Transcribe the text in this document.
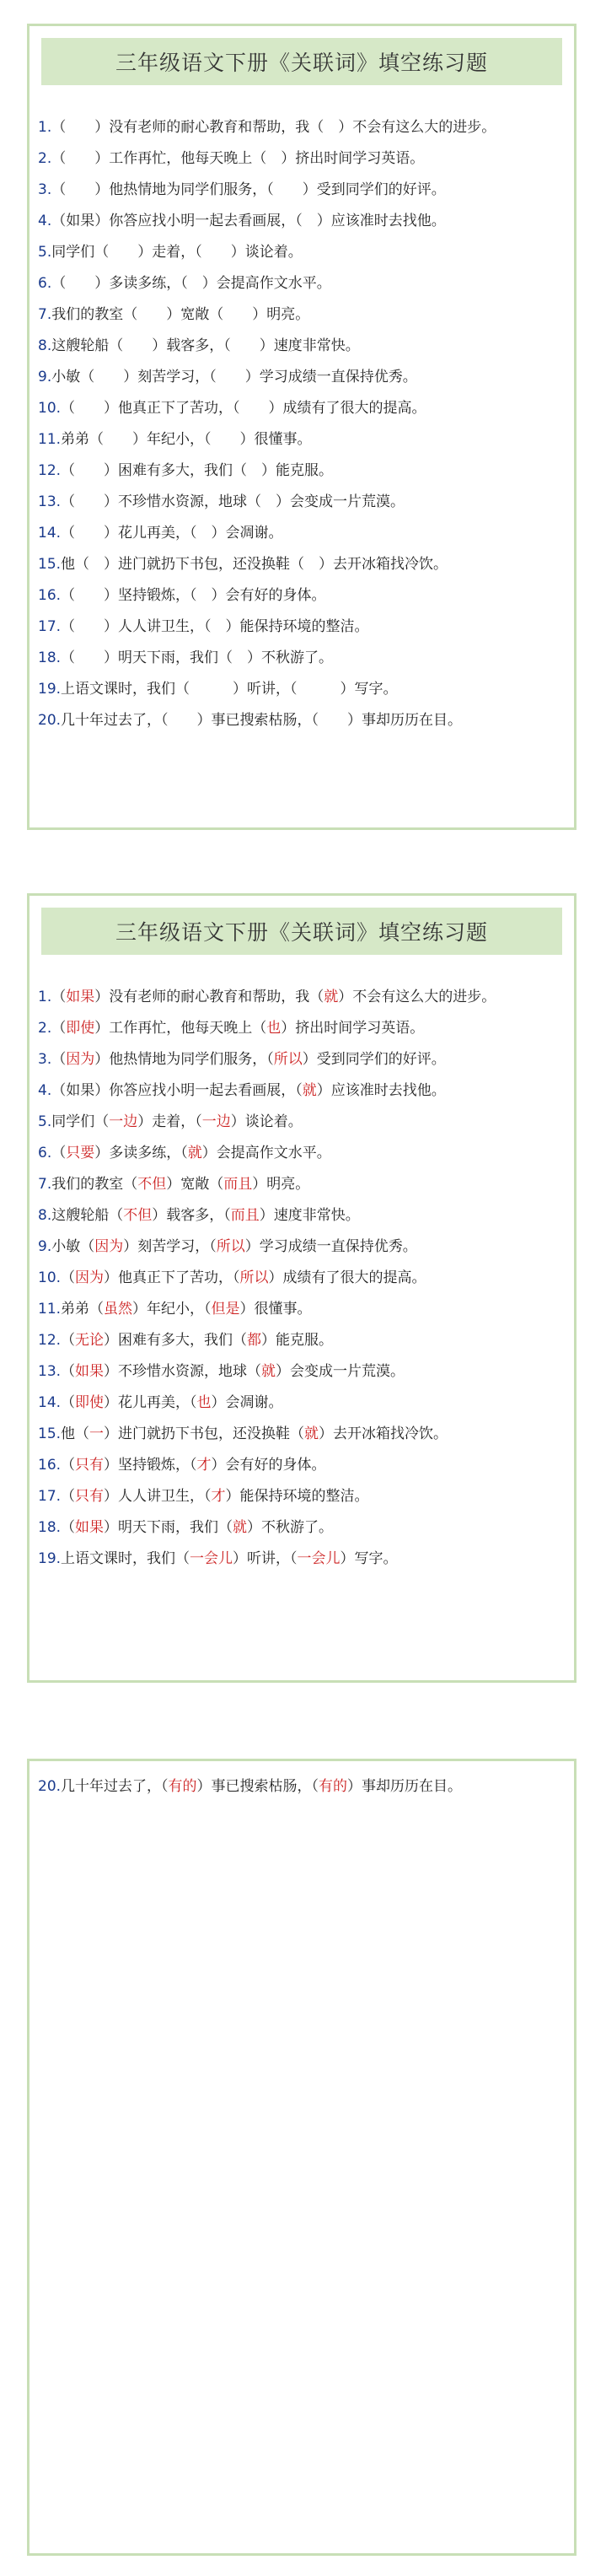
三年级语文下册《关联词》填空练习题
1. （　　）没有老师的耐心教育和帮助，我（　）不会有这么大的进步。
2. （　　）工作再忙，他每天晚上（　）挤出时间学习英语。
3. （　　）他热情地为同学们服务，（　　）受到同学们的好评。
4. （如果）你答应找小明一起去看画展，（　）应该准时去找他。
5. 同学们（　　）走着，（　　）谈论着。
6. （　　）多读多练，（　）会提高作文水平。
7. 我们的教室（　　）宽敞（　　）明亮。
8. 这艘轮船（　　）载客多，（　　）速度非常快。
9. 小敏（　　）刻苦学习，（　　）学习成绩一直保持优秀。
10. （　　）他真正下了苦功，（　　）成绩有了很大的提高。
11. 弟弟（　　）年纪小，（　　）很懂事。
12. （　　）困难有多大，我们（　）能克服。
13. （　　）不珍惜水资源，地球（　）会变成一片荒漠。
14. （　　）花儿再美，（　）会凋谢。
15. 他（　）进门就扔下书包，还没换鞋（　）去开冰箱找冷饮。
16. （　　）坚持锻炼，（　）会有好的身体。
17. （　　）人人讲卫生，（　）能保持环境的整洁。
18. （　　）明天下雨，我们（　）不秋游了。
19. 上语文课时，我们（　　　）听讲，（　　　）写字。
20. 几十年过去了，（　　）事已搜索枯肠，（　　）事却历历在目。
三年级语文下册《关联词》填空练习题
1. （如果）没有老师的耐心教育和帮助，我（就）不会有这么大的进步。
2. （即使）工作再忙，他每天晚上（也）挤出时间学习英语。
3. （因为）他热情地为同学们服务，（所以）受到同学们的好评。
4. （如果）你答应找小明一起去看画展，（就）应该准时去找他。
5. 同学们（一边）走着，（一边）谈论着。
6. （只要）多读多练，（就）会提高作文水平。
7. 我们的教室（不但）宽敞（而且）明亮。
8. 这艘轮船（不但）载客多，（而且）速度非常快。
9. 小敏（因为）刻苦学习，（所以）学习成绩一直保持优秀。
10. （因为）他真正下了苦功，（所以）成绩有了很大的提高。
11. 弟弟（虽然）年纪小，（但是）很懂事。
12. （无论）困难有多大，我们（都）能克服。
13. （如果）不珍惜水资源，地球（就）会变成一片荒漠。
14. （即使）花儿再美，（也）会凋谢。
15. 他（一）进门就扔下书包，还没换鞋（就）去开冰箱找冷饮。
16. （只有）坚持锻炼，（才）会有好的身体。
17. （只有）人人讲卫生，（才）能保持环境的整洁。
18. （如果）明天下雨，我们（就）不秋游了。
19. 上语文课时，我们（一会儿）听讲，（一会儿）写字。
20. 几十年过去了，（有的）事已搜索枯肠，（有的）事却历历在目。
